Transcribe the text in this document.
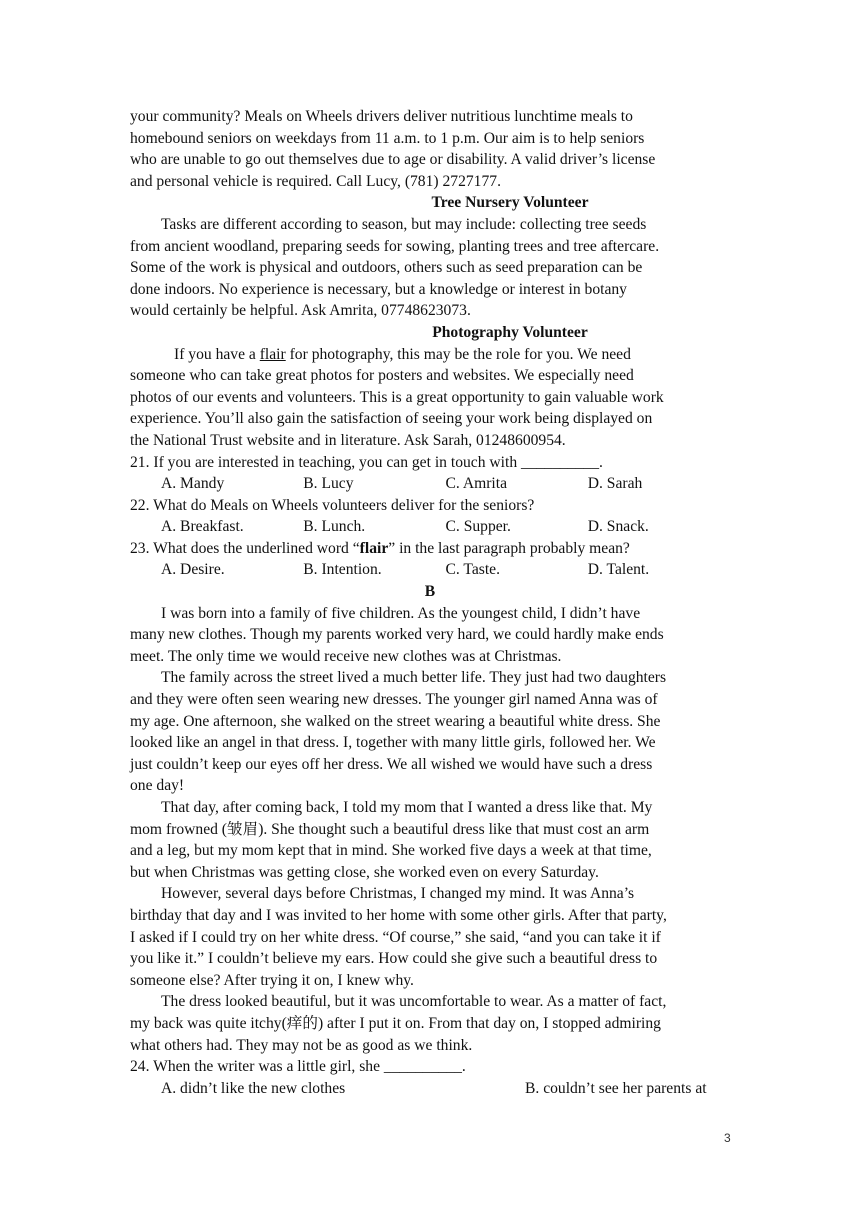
your community? Meals on Wheels drivers deliver nutritious lunchtime meals to
homebound seniors on weekdays from 11 a.m. to 1 p.m. Our aim is to help seniors
who are unable to go out themselves due to age or disability. A valid driver’s license
and personal vehicle is required. Call Lucy, (781) 2727177.
Tree Nursery Volunteer
Tasks are different according to season, but may include: collecting tree seeds
from ancient woodland, preparing seeds for sowing, planting trees and tree aftercare.
Some of the work is physical and outdoors, others such as seed preparation can be
done indoors. No experience is necessary, but a knowledge or interest in botany
would certainly be helpful. Ask Amrita, 07748623073.
Photography Volunteer
If you have a flair for photography, this may be the role for you. We need
someone who can take great photos for posters and websites. We especially need
photos of our events and volunteers. This is a great opportunity to gain valuable work
experience. You’ll also gain the satisfaction of seeing your work being displayed on
the National Trust website and in literature. Ask Sarah, 01248600954.
21. If you are interested in teaching, you can get in touch with __________.
A. Mandy	B. Lucy	C. Amrita	D. Sarah
22. What do Meals on Wheels volunteers deliver for the seniors?
A. Breakfast.	B. Lunch.	C. Supper.	D. Snack.
23. What does the underlined word “flair” in the last paragraph probably mean?
A. Desire.	B. Intention.	C. Taste.	D. Talent.
B
I was born into a family of five children. As the youngest child, I didn’t have
many new clothes. Though my parents worked very hard, we could hardly make ends
meet. The only time we would receive new clothes was at Christmas.
The family across the street lived a much better life. They just had two daughters
and they were often seen wearing new dresses. The younger girl named Anna was of
my age. One afternoon, she walked on the street wearing a beautiful white dress. She
looked like an angel in that dress. I, together with many little girls, followed her. We
just couldn’t keep our eyes off her dress. We all wished we would have such a dress
one day!
That day, after coming back, I told my mom that I wanted a dress like that. My
mom frowned (皱眉). She thought such a beautiful dress like that must cost an arm
and a leg, but my mom kept that in mind. She worked five days a week at that time,
but when Christmas was getting close, she worked even on every Saturday.
However, several days before Christmas, I changed my mind. It was Anna’s
birthday that day and I was invited to her home with some other girls. After that party,
I asked if I could try on her white dress. “Of course,” she said, “and you can take it if
you like it.” I couldn’t believe my ears. How could she give such a beautiful dress to
someone else? After trying it on, I knew why.
The dress looked beautiful, but it was uncomfortable to wear. As a matter of fact,
my back was quite itchy(痒的) after I put it on. From that day on, I stopped admiring
what others had. They may not be as good as we think.
24. When the writer was a little girl, she __________.
A. didn’t like the new clothes	B. couldn’t see her parents at
3
